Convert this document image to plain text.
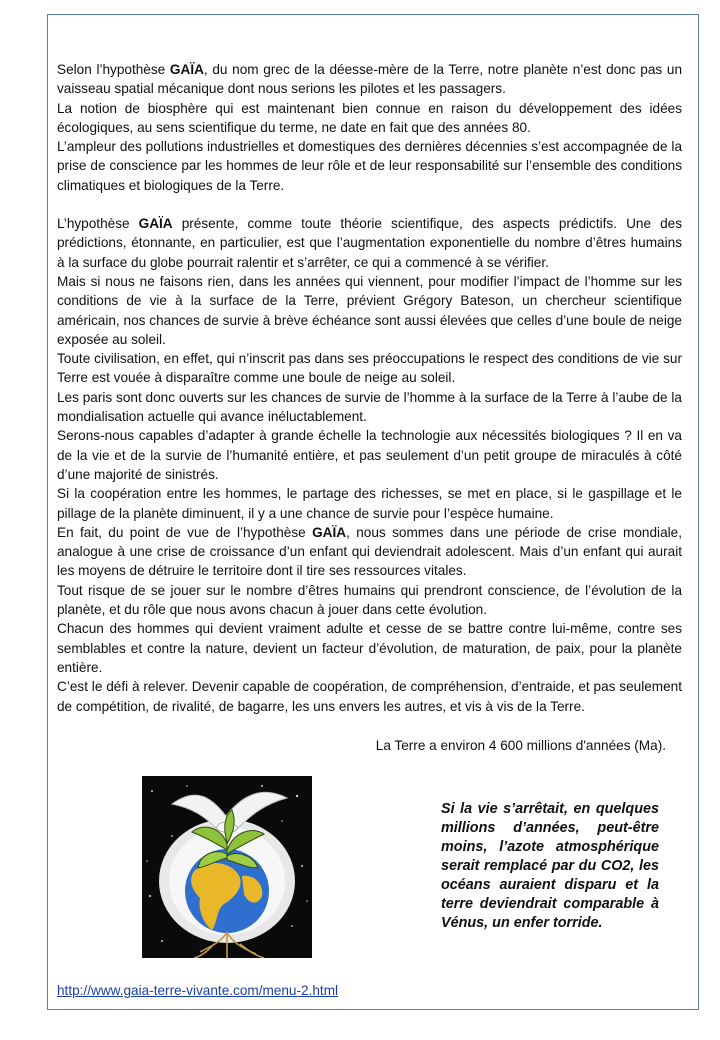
Selon l’hypothèse GAÏA, du nom grec de la déesse-mère de la Terre, notre planète n’est donc pas un vaisseau spatial mécanique dont nous serions les pilotes et les passagers.

La notion de biosphère qui est maintenant bien connue en raison du développement des idées écologiques, au sens scientifique du terme, ne date en fait que des années 80.

L’ampleur des pollutions industrielles et domestiques des dernières décennies s’est accompagnée de la prise de conscience par les hommes de leur rôle et de leur responsabilité sur l’ensemble des conditions climatiques et biologiques de la Terre.

L’hypothèse GAÏA présente, comme toute théorie scientifique, des aspects prédictifs. Une des prédictions, étonnante, en particulier, est que l’augmentation exponentielle du nombre d’êtres humains à la surface du globe pourrait ralentir et s’arrêter, ce qui a commencé à se vérifier.

Mais si nous ne faisons rien, dans les années qui viennent, pour modifier l’impact de l’homme sur les conditions de vie à la surface de la Terre, prévient Grégory Bateson, un chercheur scientifique américain, nos chances de survie à brève échéance sont aussi élevées que celles d’une boule de neige exposée au soleil.

Toute civilisation, en effet, qui n’inscrit pas dans ses préoccupations le respect des conditions de vie sur Terre est vouée à disparaître comme une boule de neige au soleil.

Les paris sont donc ouverts sur les chances de survie de l’homme à la surface de la Terre à l’aube de la mondialisation actuelle qui avance inéluctablement.

Serons-nous capables d’adapter à grande échelle la technologie aux nécessités biologiques ? Il en va de la vie et de la survie de l’humanité entière, et pas seulement d’un petit groupe de miraculés à côté d’une majorité de sinistrés.

Si la coopération entre les hommes, le partage des richesses, se met en place, si le gaspillage et le pillage de la planète diminuent, il y a une chance de survie pour l’espèce humaine.

En fait, du point de vue de l’hypothèse GAÏA, nous sommes dans une période de crise mondiale, analogue à une crise de croissance d’un enfant qui deviendrait adolescent. Mais d’un enfant qui aurait les moyens de détruire le territoire dont il tire ses ressources vitales.

Tout risque de se jouer sur le nombre d’êtres humains qui prendront conscience, de l’évolution de la planète, et du rôle que nous avons chacun à jouer dans cette évolution.

Chacun des hommes qui devient vraiment adulte et cesse de se battre contre lui-même, contre ses semblables et contre la nature, devient un facteur d’évolution, de maturation, de paix, pour la planète entière.

C’est le défi à relever. Devenir capable de coopération, de compréhension, d’entraide, et pas seulement de compétition, de rivalité, de bagarre, les uns envers les autres, et vis à vis de la Terre.

La Terre a environ 4 600 millions d'années (Ma).
Si la vie s’arrêtait, en quelques millions d’années, peut-être moins, l’azote atmosphérique serait remplacé par du CO2, les océans auraient disparu et la terre deviendrait comparable à Vénus, un enfer torride.
http://www.gaia-terre-vivante.com/menu-2.html
